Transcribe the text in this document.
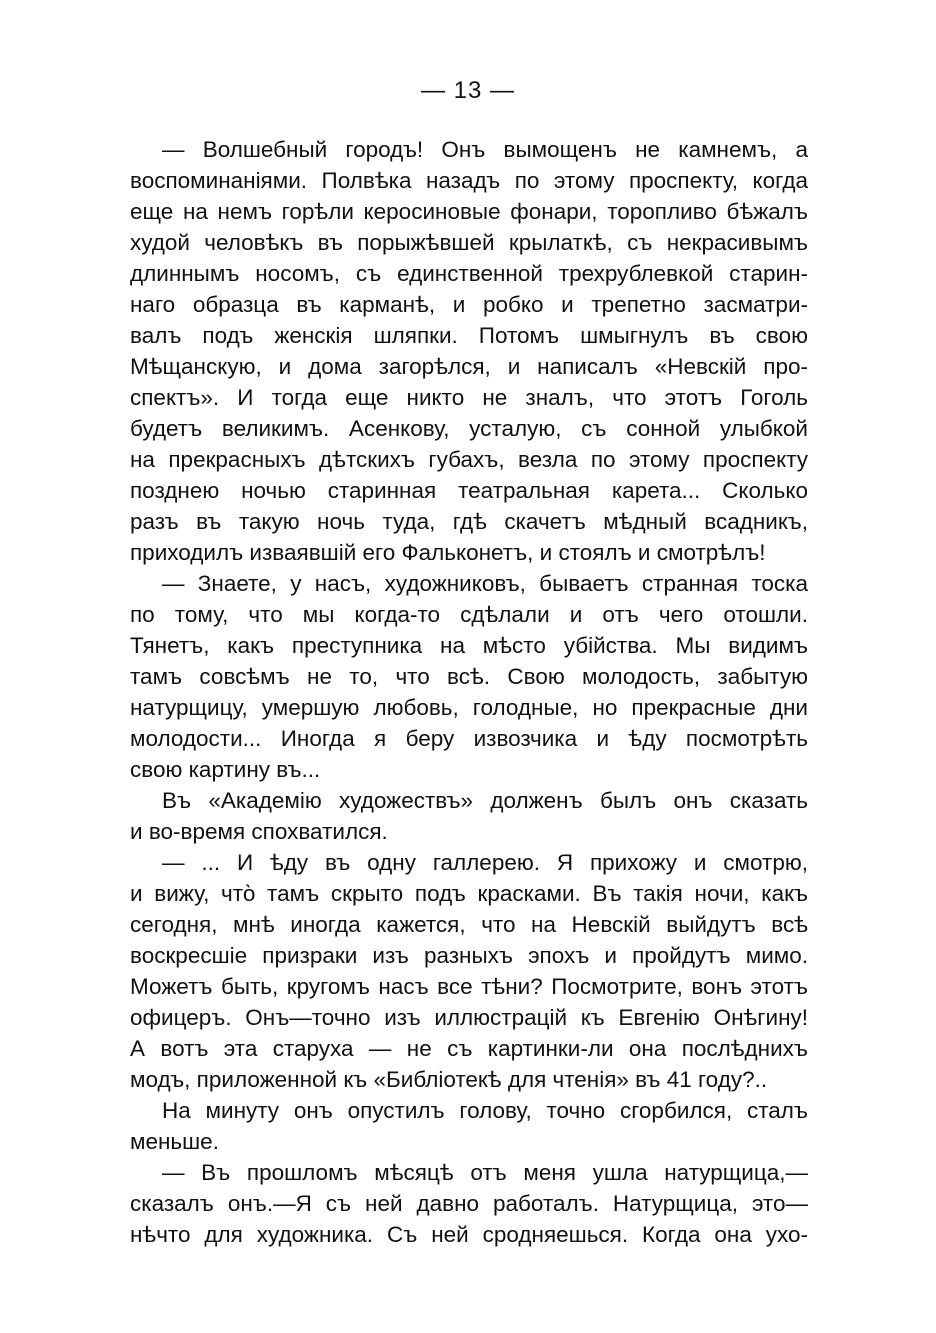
— 13 —
— Волшебный городъ! Онъ вымощенъ не камнемъ, а
воспоминаніями. Полвѣка назадъ по этому проспекту, когда
еще на немъ горѣли керосиновые фонари, торопливо бѣжалъ
худой человѣкъ въ порыжѣвшей крылаткѣ, съ некрасивымъ
длиннымъ носомъ, съ единственной трехрублевкой старин-
наго образца въ карманѣ, и робко и трепетно засматри-
валъ подъ женскія шляпки. Потомъ шмыгнулъ въ свою
Мѣщанскую, и дома загорѣлся, и написалъ «Невскій про-
спектъ». И тогда еще никто не зналъ, что этотъ Гоголь
будетъ великимъ. Асенкову, усталую, съ сонной улыбкой
на прекрасныхъ дѣтскихъ губахъ, везла по этому проспекту
позднею ночью старинная театральная карета... Сколько
разъ въ такую ночь туда, гдѣ скачетъ мѣдный всадникъ,
приходилъ изваявшій его Фальконетъ, и стоялъ и смотрѣлъ!
— Знаете, у насъ, художниковъ, бываетъ странная тоска
по тому, что мы когда-то сдѣлали и отъ чего отошли.
Тянетъ, какъ преступника на мѣсто убійства. Мы видимъ
тамъ совсѣмъ не то, что всѣ. Свою молодость, забытую
натурщицу, умершую любовь, голодные, но прекрасные дни
молодости... Иногда я беру извозчика и ѣду посмотрѣть
свою картину въ...
Въ «Академію художествъ» долженъ былъ онъ сказать
и во-время спохватился.
— ... И ѣду въ одну галлерею. Я прихожу и смотрю,
и вижу, что̀ тамъ скрыто подъ красками. Въ такія ночи, какъ
сегодня, мнѣ иногда кажется, что на Невскій выйдутъ всѣ
воскресшіе призраки изъ разныхъ эпохъ и пройдутъ мимо.
Можетъ быть, кругомъ насъ все тѣни? Посмотрите, вонъ этотъ
офицеръ. Онъ—точно изъ иллюстрацій къ Евгенію Онѣгину!
А вотъ эта старуха — не съ картинки-ли она послѣднихъ
модъ, приложенной къ «Библіотекѣ для чтенія» въ 41 году?..
На минуту онъ опустилъ голову, точно сгорбился, сталъ
меньше.
— Въ прошломъ мѣсяцѣ отъ меня ушла натурщица,—
сказалъ онъ.—Я съ ней давно работалъ. Натурщица, это—
нѣчто для художника. Съ ней сродняешься. Когда она ухо-
